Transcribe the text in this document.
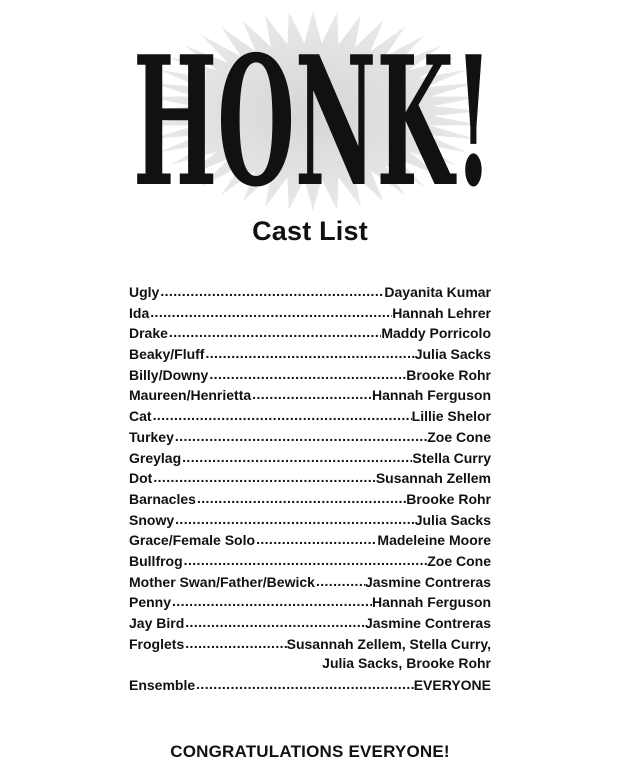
HONK!
Cast List
Ugly .....	Dayanita Kumar
Ida .....	Hannah Lehrer
Drake .....	Maddy Porricolo
Beaky/Fluff .....	Julia Sacks
Billy/Downy .....	Brooke Rohr
Maureen/Henrietta .....	Hannah Ferguson
Cat .....	Lillie Shelor
Turkey .....	Zoe Cone
Greylag .....	Stella Curry
Dot .....	Susannah Zellem
Barnacles .....	Brooke Rohr
Snowy .....	Julia Sacks
Grace/Female Solo .....	Madeleine Moore
Bullfrog .....	Zoe Cone
Mother Swan/Father/Bewick .....	Jasmine Contreras
Penny .....	Hannah Ferguson
Jay Bird .....	Jasmine Contreras
Froglets .....	Susannah Zellem, Stella Curry,
Julia Sacks, Brooke Rohr
Ensemble .....	EVERYONE
CONGRATULATIONS EVERYONE!
